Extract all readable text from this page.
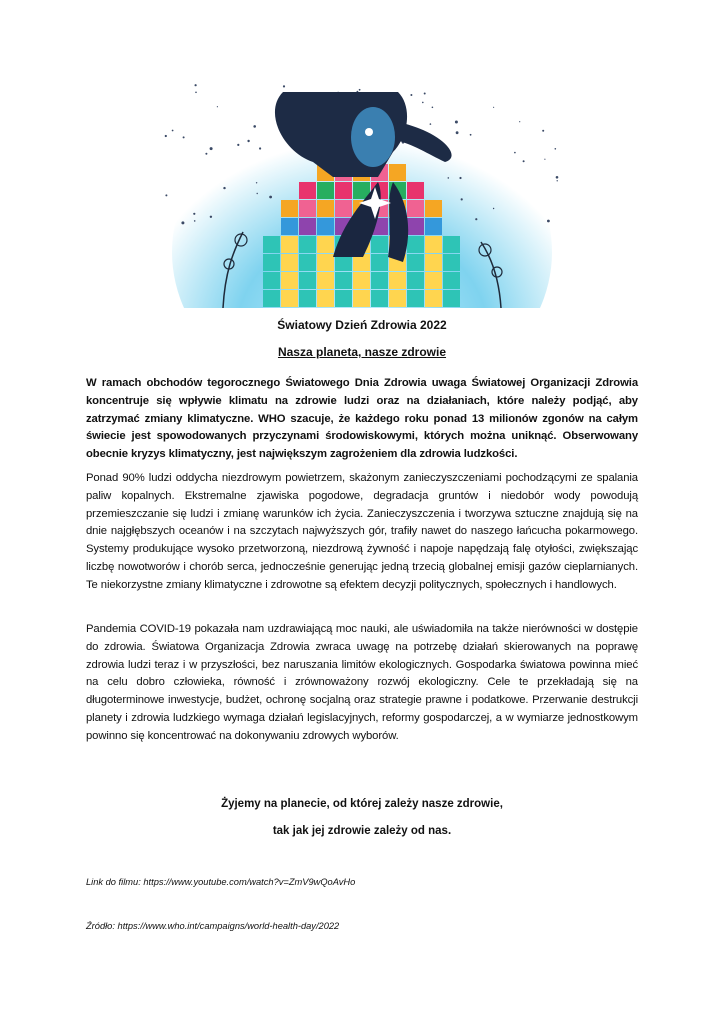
Światowy Dzień Zdrowia 2022
Nasza planeta, nasze zdrowie

W ramach obchodów tegorocznego Światowego Dnia Zdrowia uwaga Światowej Organizacji Zdrowia koncentruje się wpływie klimatu na zdrowie ludzi oraz na działaniach, które należy podjąć, aby zatrzymać zmiany klimatyczne. WHO szacuje, że każdego roku ponad 13 milionów zgonów na całym świecie jest spowodowanych przyczynami środowiskowymi, których można uniknąć. Obserwowany obecnie kryzys klimatyczny, jest największym zagrożeniem dla zdrowia ludzkości.

Ponad 90% ludzi oddycha niezdrowym powietrzem, skażonym zanieczyszczeniami pochodzącymi ze spalania paliw kopalnych. Ekstremalne zjawiska pogodowe, degradacja gruntów i niedobór wody powodują przemieszczanie się ludzi i zmianę warunków ich życia. Zanieczyszczenia i tworzywa sztuczne znajdują się na dnie najgłębszych oceanów i na szczytach najwyższych gór, trafiły nawet do naszego łańcucha pokarmowego. Systemy produkujące wysoko przetworzoną, niezdrową żywność i napoje napędzają falę otyłości, zwiększając liczbę nowotworów i chorób serca, jednocześnie generując jedną trzecią globalnej emisji gazów cieplarnianych. Te niekorzystne zmiany klimatyczne i zdrowotne są efektem decyzji politycznych, społecznych i handlowych.

Pandemia COVID-19 pokazała nam uzdrawiającą moc nauki, ale uświadomiła na także nierówności w dostępie do zdrowia. Światowa Organizacja Zdrowia zwraca uwagę na potrzebę działań skierowanych na poprawę zdrowia ludzi teraz i w przyszłości, bez naruszania limitów ekologicznych. Gospodarka światowa powinna mieć na celu dobro człowieka, równość i zrównoważony rozwój ekologiczny. Cele te przekładają się na długoterminowe inwestycje, budżet, ochronę socjalną oraz strategie prawne i podatkowe. Przerwanie destrukcji planety i zdrowia ludzkiego wymaga działań legislacyjnych, reformy gospodarczej, a w wymiarze jednostkowym powinno się koncentrować na dokonywaniu zdrowych wyborów.

Żyjemy na planecie, od której zależy nasze zdrowie,
tak jak jej zdrowie zależy od nas.
Link do filmu: https://www.youtube.com/watch?v=ZmV9wQoAvHo
Źródło: https://www.who.int/campaigns/world-health-day/2022
